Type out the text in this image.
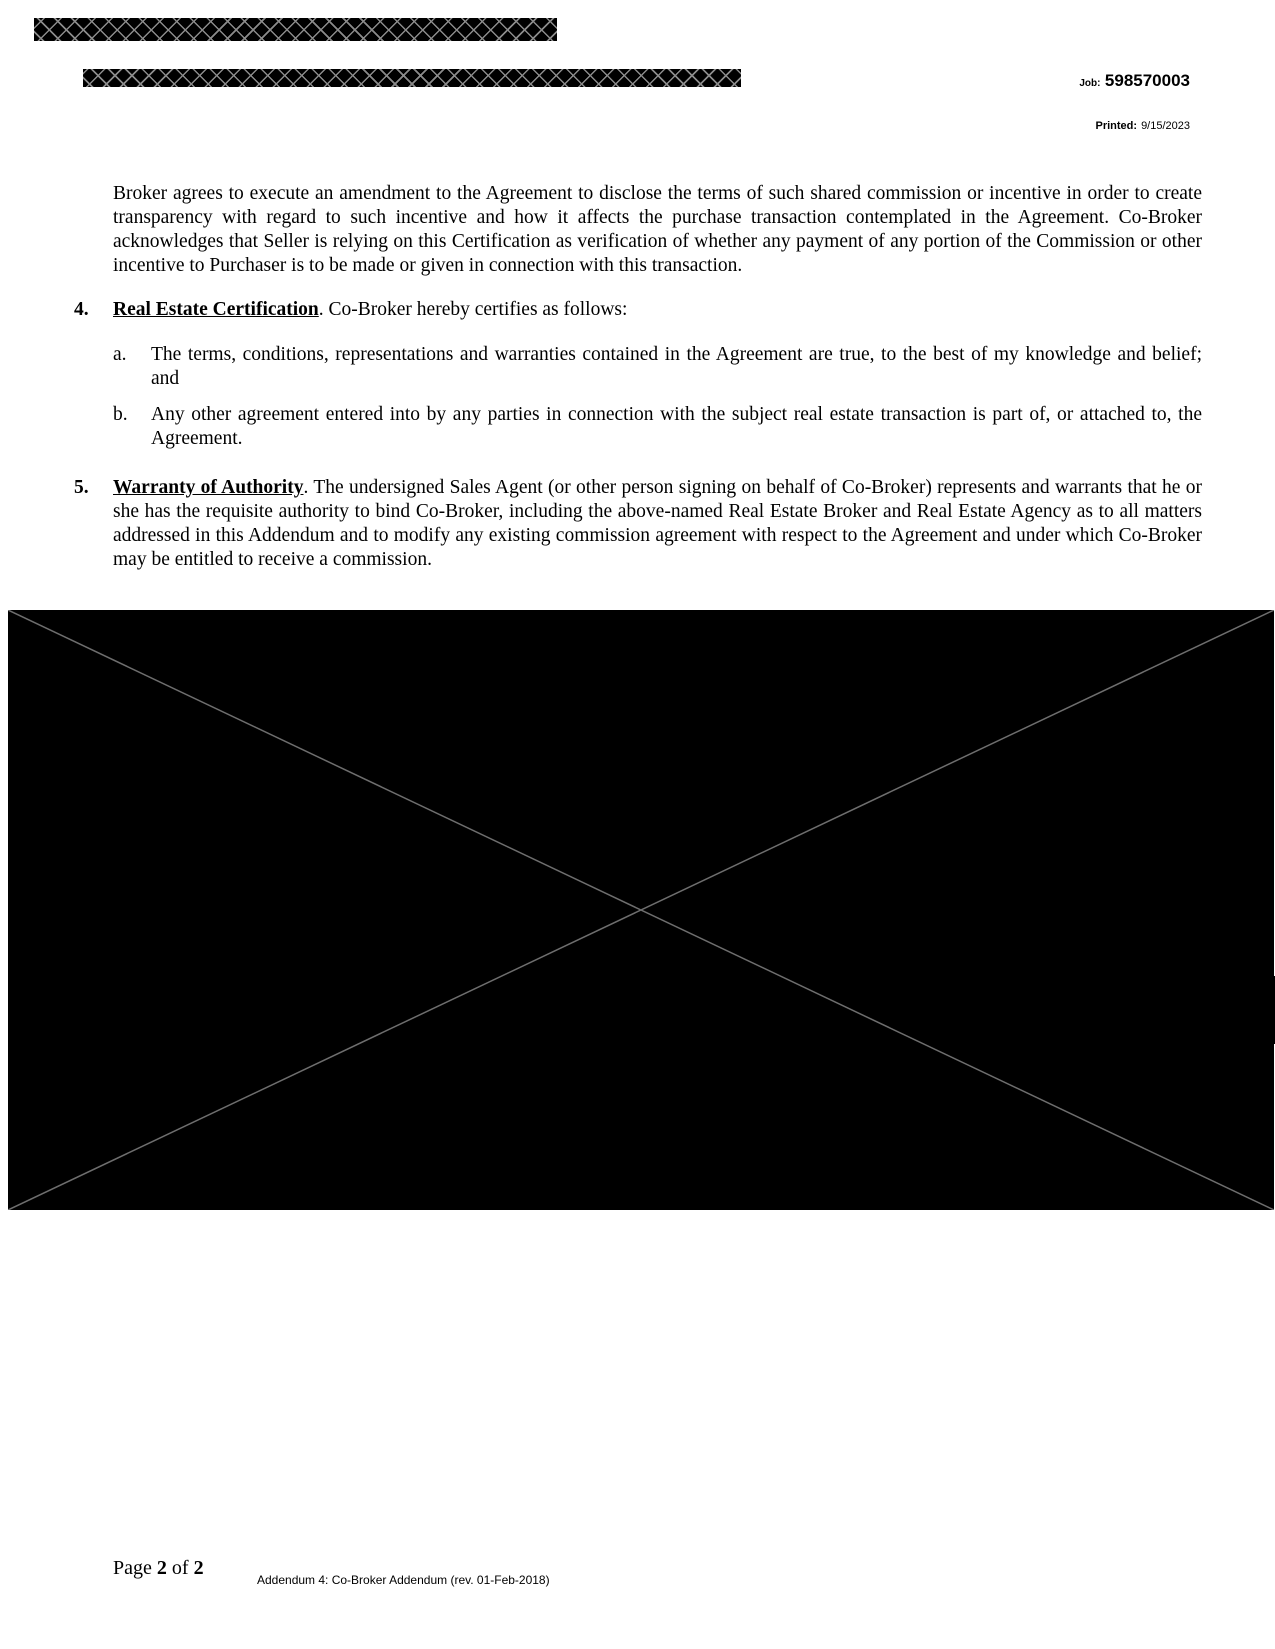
Job: 598570003
Printed: 9/15/2023
Broker agrees to execute an amendment to the Agreement to disclose the terms of such shared commission or incentive in order to create transparency with regard to such incentive and how it affects the purchase transaction contemplated in the Agreement. Co-Broker acknowledges that Seller is relying on this Certification as verification of whether any payment of any portion of the Commission or other incentive to Purchaser is to be made or given in connection with this transaction.
4. Real Estate Certification. Co-Broker hereby certifies as follows:
a. The terms, conditions, representations and warranties contained in the Agreement are true, to the best of my knowledge and belief; and
b. Any other agreement entered into by any parties in connection with the subject real estate transaction is part of, or attached to, the Agreement.
5. Warranty of Authority. The undersigned Sales Agent (or other person signing on behalf of Co-Broker) represents and warrants that he or she has the requisite authority to bind Co-Broker, including the above-named Real Estate Broker and Real Estate Agency as to all matters addressed in this Addendum and to modify any existing commission agreement with respect to the Agreement and under which Co-Broker may be entitled to receive a commission.
Page 2 of 2
Addendum 4: Co-Broker Addendum (rev. 01-Feb-2018)
